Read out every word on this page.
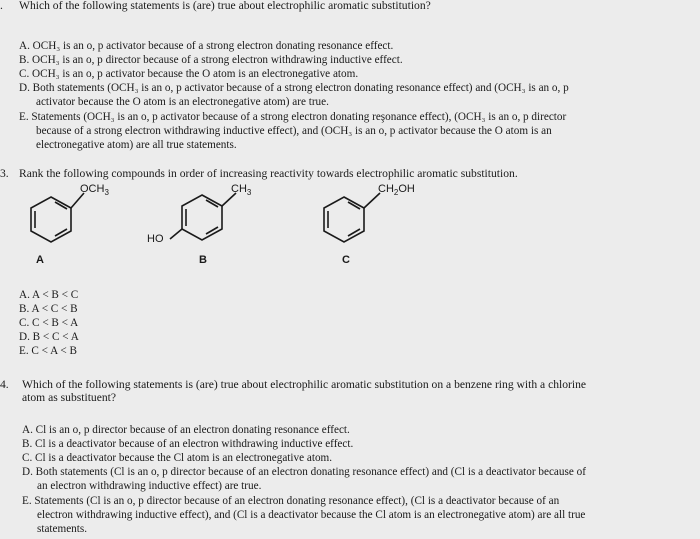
. Which of the following statements is (are) true about electrophilic aromatic substitution?
A. OCH₃ is an o, p activator because of a strong electron donating resonance effect.
B. OCH₃ is an o, p director because of a strong electron withdrawing inductive effect.
C. OCH₃ is an o, p activator because the O atom is an electronegative atom.
D. Both statements (OCH₃ is an o, p activator because of a strong electron donating resonance effect) and (OCH₃ is an o, p
activator because the O atom is an electronegative atom) are true.
E. Statements (OCH₃ is an o, p activator because of a strong electron donating reşonance effect), (OCH₃ is an o, p director
because of a strong electron withdrawing inductive effect), and (OCH₃ is an o, p activator because the O atom is an
electronegative atom) are all true statements.
3. Rank the following compounds in order of increasing reactivity towards electrophilic aromatic substitution.
$OCH_3$
A
$CH_3$
HO
B
$CH_2OH$
C
A. A < B < C
B. A < C < B
C. C < B < A
D. B < C < A
E. C < A < B
4. Which of the following statements is (are) true about electrophilic aromatic substitution on a benzene ring with a chlorine
atom as substituent?
A. Cl is an o, p director because of an electron donating resonance effect.
B. Cl is a deactivator because of an electron withdrawing inductive effect.
C. Cl is a deactivator because the Cl atom is an electronegative atom.
D. Both statements (Cl is an o, p director because of an electron donating resonance effect) and (Cl is a deactivator because of
an electron withdrawing inductive effect) are true.
E. Statements (Cl is an o, p director because of an electron donating resonance effect), (Cl is a deactivator because of an
electron withdrawing inductive effect), and (Cl is a deactivator because the Cl atom is an electronegative atom) are all true
statements.
